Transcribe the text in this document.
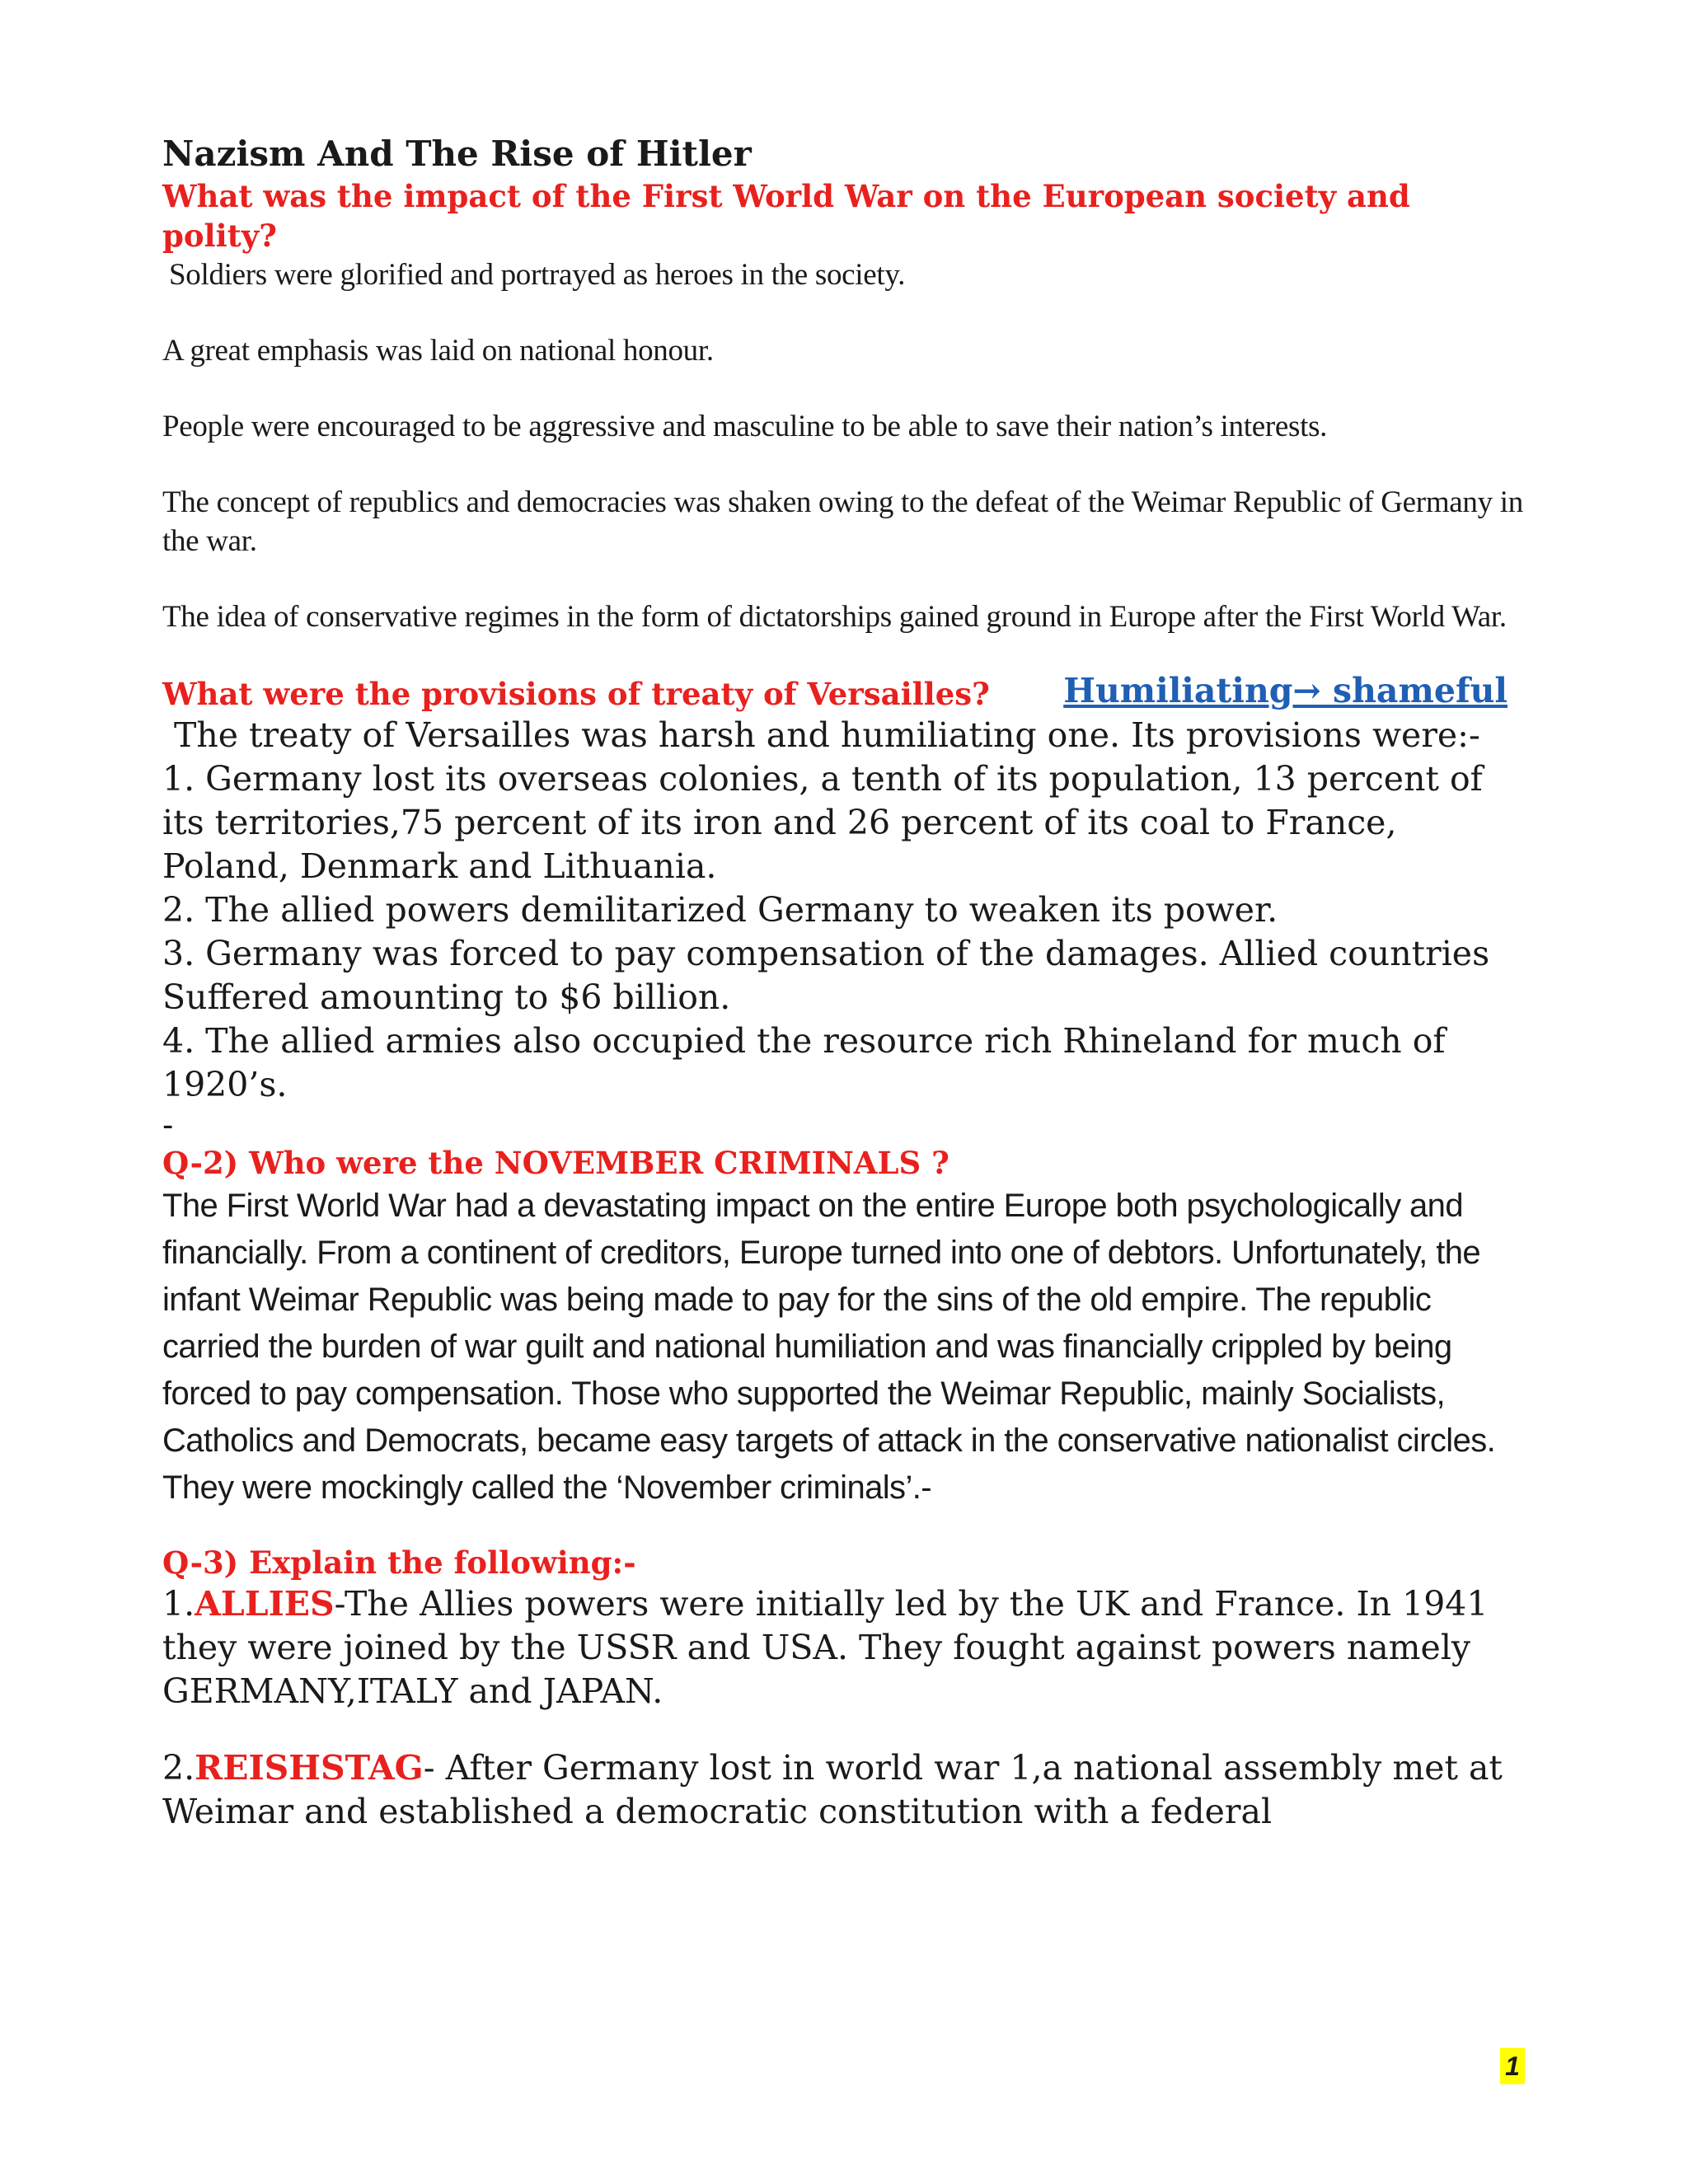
Nazism And The Rise of Hitler

What was the impact of the First World War on the European society and polity?

Soldiers were glorified and portrayed as heroes in the society.

A great emphasis was laid on national honour.

People were encouraged to be aggressive and masculine to be able to save their nation’s interests.

The concept of republics and democracies was shaken owing to the defeat of the Weimar Republic of Germany in the war.

The idea of conservative regimes in the form of dictatorships gained ground in Europe after the First World War.

What were the provisions of treaty of Versailles?	Humiliating→ shameful

The treaty of Versailles was harsh and humiliating one. Its provisions were:-

1. Germany lost its overseas colonies, a tenth of its population, 13 percent of its territories,75 percent of its iron and 26 percent of its coal to France, Poland, Denmark and Lithuania.

2. The allied powers demilitarized Germany to weaken its power.

3. Germany was forced to pay compensation of the damages. Allied countries Suffered amounting to $6 billion.

4. The allied armies also occupied the resource rich Rhineland for much of 1920’s.

-

Q-2) Who were the NOVEMBER CRIMINALS ?

The First World War had a devastating impact on the entire Europe both psychologically and financially. From a continent of creditors, Europe turned into one of debtors. Unfortunately, the infant Weimar Republic was being made to pay for the sins of the old empire. The republic carried the burden of war guilt and national humiliation and was financially crippled by being forced to pay compensation. Those who supported the Weimar Republic, mainly Socialists, Catholics and Democrats, became easy targets of attack in the conservative nationalist circles. They were mockingly called the ‘November criminals’.-

Q-3) Explain the following:-

1.ALLIES-The Allies powers were initially led by the UK and France. In 1941 they were joined by the USSR and USA. They fought against powers namely GERMANY,ITALY and JAPAN.

2.REISHSTAG- After Germany lost in world war 1,a national assembly met at Weimar and established a democratic constitution with a federal

1
